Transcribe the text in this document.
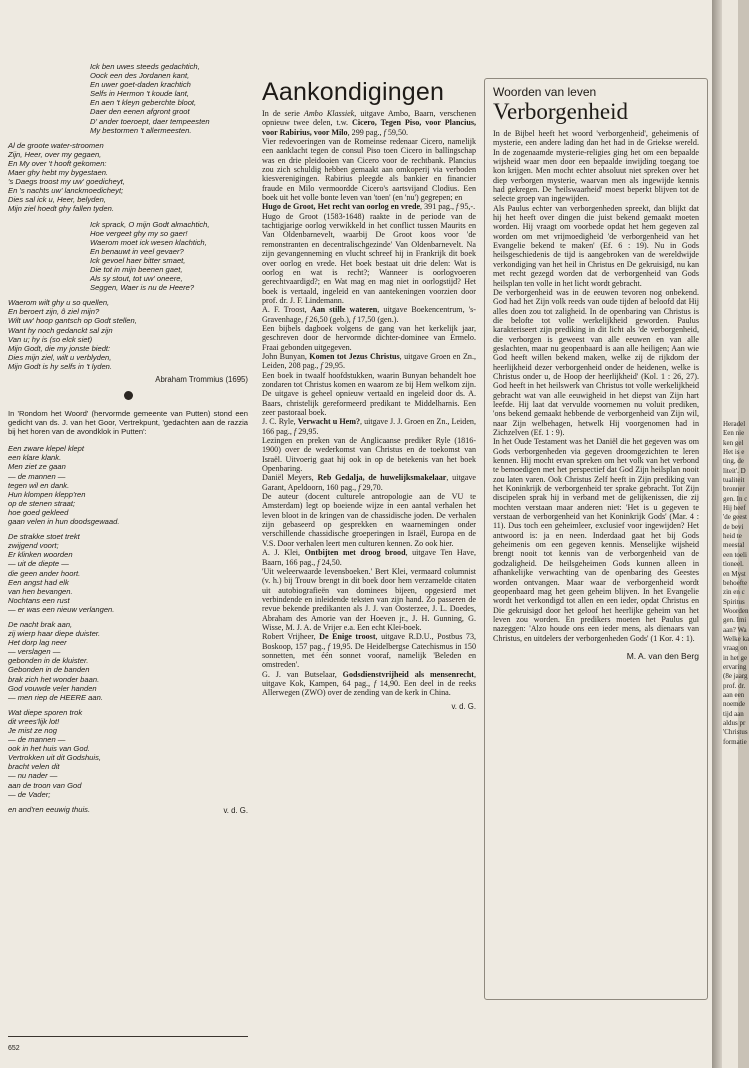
Heradel
Een nie
ken gel
Het is e
ting, de
liteit'. D
tualiteit
bronner
gen. In c
Hij heef
'de geest
de bevi
heid te
meestal
een toeli
tioneel.
en Myst
behoefte
zin en c
Spiritus
Woorden
gen. Imi
aan? Wa
Welke ka
vraag on
in het ge
ervaring
(8e jaarg
prof. dr.
aan een
noemde
tijd aan
aldus pr
'Christus
formatie
Ick ben uwes steeds gedachtich,
Oock een des Jordanen kant,
En uwer goet-daden krachtich
Selfs in Hermon 't koude lant,
En aen 't kleyn geberchte bloot,
Daer den eenen afgront groot
D' ander toeroept, daer tempeesten
My bestormen 't allermeesten.
Al de groote water-stroomen
Zijn, Heer, over my gegaen,
En My over 't hooft gekomen:
Maer ghy hebt my bygestaen.
's Daegs troost my uw' goedicheyt,
En 's nachts uw' lanckmoedicheyt;
Dies sal ick u, Heer, belyden,
Mijn ziel hoedt ghy fallen tyden.
Ick sprack, O mijn Godt almachtich,
Hoe vergeet ghy my so gaer!
Waerom moet ick wesen klachtich,
En benauwt in veel gevaer?
Ick gevoel haer bitter smaet,
Die tot in mijn beenen gaet,
Als sy stout, tot uw' oneere,
Seggen, Waer is nu de Heere?
Waerom wilt ghy u so quellen,
En beroert zijn, ô ziel mijn?
Wilt uw' hoop gantsch op Godt stellen,
Want hy noch gedanckt sal zijn
Van u; hy is (so elck siet)
Mijn Godt, die my jonste biedt:
Dies mijn ziel, wilt u verblyden,
Mijn Godt is hy selfs in 't lyden.
Abraham Trommius (1695)
In 'Rondom het Woord' (hervormde gemeente van Putten) stond een gedicht van ds. J. van het Goor, Vertrekpunt, 'gedachten aan de razzia bij het horen van de avondklok in Putten':
Een zware klepel klept
een klare klank.
Men ziet ze gaan
— de mannen —
tegen wil en dank.
Hun klompen klepp'ren
op de stenen straat;
hoe goed gekleed
gaan velen in hun doodsgewaad.
De strakke stoet trekt
zwijgend voort;
Er klinken woorden
— uit de diepte —
die geen ander hoort.
Een angst had elk
van hen bevangen.
Nochtans een rust
— er was een nieuw verlangen.
De nacht brak aan,
zij wierp haar diepe duister.
Het dorp lag neer
— verslagen —
gebonden in de kluister.
Gebonden in de banden
brak zich het wonder baan.
God vouwde veler handen
— men riep de HEERE aan.
Wat diepe sporen trok
dit vrees'lijk lot!
Je mist ze nog
— de mannen —
ook in het huis van God.
Vertrokken uit dit Godshuis,
bracht velen dit
— nu nader —
aan de troon van God
— de Vader;
en and'ren eeuwig thuis.	v. d. G.
652
Aankondigingen

In de serie Ambo Klassiek, uitgave Ambo, Baarn, verschenen opnieuw twee delen, t.w. Cicero, Tegen Piso, voor Plancius, voor Rabirius, voor Milo, 299 pag., f 59,50.

Vier redevoeringen van de Romeinse redenaar Cicero, namelijk een aanklacht tegen de consul Piso toen Cicero in ballingschap was en drie pleidooien van Cicero voor de rechtbank. Plancius zou zich schuldig hebben gemaakt aan omkoperij via verboden kiesverenigingen. Rabirius pleegde als bankier en financier fraude en Milo vermoordde Cicero's aartsvijand Clodius. Een boek uit het volle bonte leven van 'toen' (en 'nu') gegrepen; en

Hugo de Groot, Het recht van oorlog en vrede, 391 pag., f 95,-.

Hugo de Groot (1583-1648) raakte in de periode van de tachtigjarige oorlog verwikkeld in het conflict tussen Maurits en Van Oldenbarnevelt, waarbij De Groot koos voor 'de remonstranten en decentralischgezinde' Van Oldenbarnevelt. Na zijn gevangenneming en vlucht schreef hij in Frankrijk dit boek over oorlog en vrede. Het boek bestaat uit drie delen: Wat is oorlog en wat is recht?; Wanneer is oorlogvoeren gerechtvaardigd?; en Wat mag en mag niet in oorlogstijd? Het boek is vertaald, ingeleid en van aantekeningen voorzien door prof. dr. J. F. Lindemann.

A. F. Troost, Aan stille wateren, uitgave Boekencentrum, 's-Gravenhage, f 26,50 (geb.), f 17,50 (gen.).

Een bijbels dagboek volgens de gang van het kerkelijk jaar, geschreven door de hervormde dichter-dominee van Ermelo. Fraai gebonden uitgegeven.

John Bunyan, Komen tot Jezus Christus, uitgave Groen en Zn., Leiden, 208 pag., f 29,95.

Een boek in twaalf hoofdstukken, waarin Bunyan behandelt hoe zondaren tot Christus komen en waarom ze bij Hem welkom zijn. De uitgave is geheel opnieuw vertaald en ingeleid door ds. A. Baars, christelijk gereformeerd predikant te Middelharnis. Een zeer pastoraal boek.

J. C. Ryle, Verwacht u Hem?, uitgave J. J. Groen en Zn., Leiden, 166 pag., f 29,95.

Lezingen en preken van de Anglicaanse prediker Ryle (1816-1900) over de wederkomst van Christus en de toekomst van Israël. Uitvoerig gaat hij ook in op de betekenis van het boek Openbaring.

Daniël Meyers, Reb Gedalja, de huwelijksmakelaar, uitgave Garant, Apeldoorn, 160 pag., f 29,70.

De auteur (docent culturele antropologie aan de VU te Amsterdam) legt op boeiende wijze in een aantal verhalen het leven bloot in de kringen van de chassidische joden. De verhalen zijn gebaseerd op gesprekken en waarnemingen onder verschillende chassidische groeperingen in Israël, Europa en de V.S. Door verhalen leert men culturen kennen. Zo ook hier.

A. J. Klei, Ontbijten met droog brood, uitgave Ten Have, Baarn, 166 pag., f 24,50.

'Uit weleerwaarde levensboeken.' Bert Klei, vermaard columnist (v. h.) bij Trouw brengt in dit boek door hem verzamelde citaten uit autobiografieën van dominees bijeen, opgesierd met verbindende en inleidende teksten van zijn hand. Zo passeren de revue bekende predikanten als J. J. van Oosterzee, J. L. Doedes, Abraham des Amorie van der Hoeven jr., J. H. Gunning, G. Wisse, M. J. A. de Vrijer e.a. Een echt Klei-boek.

Robert Vrijheer, De Enige troost, uitgave R.D.U., Postbus 73, Boskoop, 157 pag., f 19,95. De Heidelbergse Catechismus in 150 sonnetten, met één sonnet vooraf, namelijk 'Beleden en omstreden'.

G. J. van Butselaar, Godsdienstvrijheid als mensenrecht, uitgave Kok, Kampen, 64 pag., f 14,90. Een deel in de reeks Allerwegen (ZWO) over de zending van de kerk in China.

v. d. G.

Woorden van leven

Verborgenheid

In de Bijbel heeft het woord 'verborgenheid', geheimenis of mysterie, een andere lading dan het had in de Griekse wereld. In de zogenaamde mysterie-religies ging het om een bepaalde wijsheid waar men door een bepaalde inwijding toegang toe kon krijgen. Men mocht echter absoluut niet spreken over het diep verborgen mysterie, waarvan men als ingewijde kennis had gekregen. De 'heilswaarheid' moest beperkt blijven tot de selecte groep van ingewijden.

Als Paulus echter van verborgenheden spreekt, dan blijkt dat hij het heeft over dingen die juist bekend gemaakt moeten worden. Hij vraagt om voorbede opdat het hem gegeven zal worden om met vrijmoedigheid 'de verborgenheid van het Evangelie bekend te maken' (Ef. 6 : 19). Nu in Gods heilsgeschiedenis de tijd is aangebroken van de wereldwijde verkondiging van het heil in Christus en De gekruisigd, nu kan met recht gezegd worden dat de verborgenheid van Gods heilsplan ten volle in het licht wordt gebracht.

De verborgenheid was in de eeuwen tevoren nog onbekend. God had het Zijn volk reeds van oude tijden af beloofd dat Hij alles doen zou tot zaligheid. In de openbaring van Christus is die belofte tot volle werkelijkheid geworden. Paulus karakteriseert zijn prediking in dit licht als 'de verborgenheid, die verborgen is geweest van alle eeuwen en van alle geslachten, maar nu geopenbaard is aan alle heiligen; Aan wie God heeft willen bekend maken, welke zij de rijkdom der heerlijkheid dezer verborgenheid onder de heidenen, welke is Christus onder u, de Hoop der heerlijkheid' (Kol. 1 : 26, 27). God heeft in het heilswerk van Christus tot volle werkelijkheid gebracht wat van alle eeuwigheid in het diepst van Zijn hart leefde. Hij laat dat vervulde voornemen nu voluit prediken, 'ons bekend gemaakt hebbende de verborgenheid van Zijn wil, naar Zijn welbehagen, hetwelk Hij voorgenomen had in Zichzelven (Ef. 1 : 9).

In het Oude Testament was het Daniël die het gegeven was om Gods verborgenheden via gegeven droomgezichten te leren kennen. Hij mocht ervan spreken om het volk van het verbond te bemoedigen met het perspectief dat God Zijn heilsplan nooit zou laten varen. Ook Christus Zelf heeft in Zijn prediking van het Koninkrijk de verborgenheid ter sprake gebracht. Tot Zijn discipelen sprak hij in verband met de gelijkenissen, die zij mochten verstaan maar anderen niet: 'Het is u gegeven te verstaan de verborgenheid van het Koninkrijk Gods' (Mar. 4 : 11). Dus toch een geheimleer, exclusief voor ingewijden? Het antwoord is: ja en neen. Inderdaad gaat het bij Gods geheimenis om een gegeven kennis. Menselijke wijsheid brengt nooit tot kennis van de verborgenheid van de godzaligheid. De heilsgeheimen Gods kunnen alleen in afhankelijke verwachting van de openbaring des Geestes worden ontvangen. Maar waar de verborgenheid wordt geopenbaard mag het geen geheim blijven. In het Evangelie wordt het verkondigd tot allen en een ieder, opdat Christus en Die gekruisigd door het geloof het heerlijke geheim van het leven zou worden. En predikers moeten het Paulus gul nazeggen: 'Alzo houde ons een ieder mens, als dienaars van Christus, en uitdelers der verborgenheden Gods' (1 Kor. 4 : 1).

M. A. van den Berg
